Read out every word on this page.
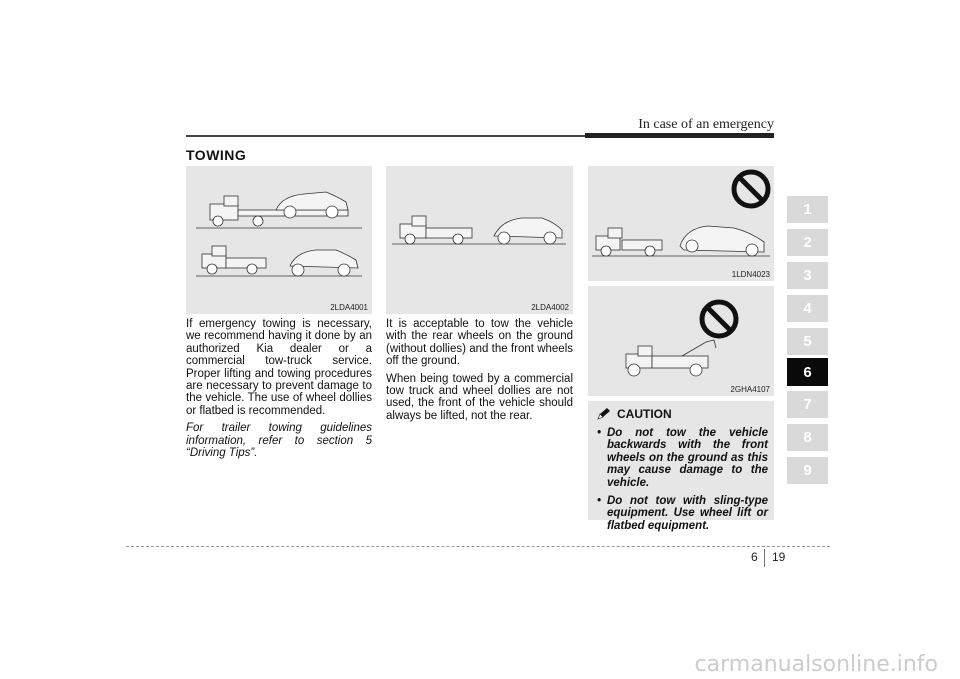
In case of an emergency
TOWING
2LDA4001	2LDA4002
1LDN4023
2GHA4107

If emergency towing is necessary, we recommend having it done by an authorized Kia dealer or a commercial tow-truck service. Proper lifting and towing procedures are necessary to prevent damage to the vehicle. The use of wheel dollies or flatbed is recommended.

For trailer towing guidelines information, refer to section 5 “Driving Tips”.

It is acceptable to tow the vehicle with the rear wheels on the ground (without dollies) and the front wheels off the ground.

When being towed by a commercial tow truck and wheel dollies are not used, the front of the vehicle should always be lifted, not the rear.	CAUTION
• Do not tow the vehicle backwards with the front wheels on the ground as this may cause damage to the vehicle.
• Do not tow with sling-type equipment. Use wheel lift or flatbed equipment.
1
2
3
4
5
6
7
8
9
6 19
carmanualsonline.info
